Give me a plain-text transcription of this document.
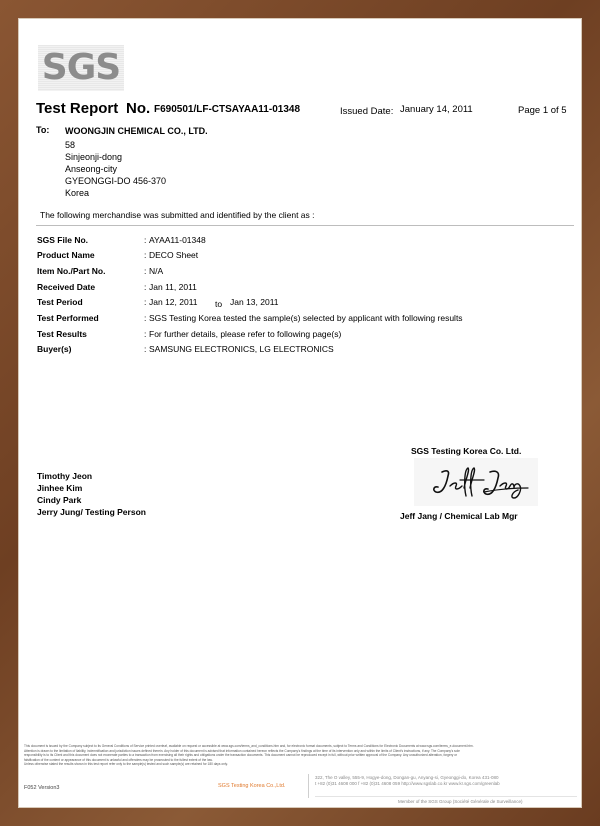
SGS
Test Report No. F690501/LF-CTSAYAA11-01348	Issued Date: January 14, 2011	Page 1 of 5
To: WOONGJIN CHEMICAL CO., LTD.
58
Sinjeonji-dong
Anseong-city
GYEONGGI-DO 456-370
Korea
The following merchandise was submitted and identified by the client as :
SGS File No.	: AYAA11-01348
Product Name	: DECO Sheet
Item No./Part No.	: N/A
Received Date	: Jan 11, 2011
Test Period	: Jan 12, 2011 to Jan 13, 2011
Test Performed	: SGS Testing Korea tested the sample(s) selected by applicant with following results
Test Results	: For further details, please refer to following page(s)
Buyer(s)	: SAMSUNG ELECTRONICS, LG ELECTRONICS
SGS Testing Korea Co. Ltd.
Jeff Jang / Chemical Lab Mgr
Timothy Jeon
Jinhee Kim
Cindy Park
Jerry Jung/ Testing Person
This document is issued by the Company subject to its General Conditions of Service printed overleaf, available on request or accessible at www.sgs.com/terms_and_conditions.htm and, for electronic format documents, subject to Terms and Conditions for Electronic Documents at www.sgs.com/terms_e-document.htm.
Attention is drawn to the limitation of liability, indemnification and jurisdiction issues defined therein. Any holder of this document is advised that information contained hereon reflects the Company's findings at the time of its intervention only and within the limits of Client's instructions, if any. The Company's sole
responsibility is to its Client and this document does not exonerate parties to a transaction from exercising all their rights and obligations under the transaction documents. This document cannot be reproduced except in full, without prior written approval of the Company. Any unauthorized alteration, forgery or
falsification of the content or appearance of this document is unlawful and offenders may be prosecuted to the fullest extent of the law.
Unless otherwise stated the results shown in this test report refer only to the sample(s) tested and such sample(s) are retained for 180 days only.
F052 Version3	SGS Testing Korea Co.,Ltd.
322, The O valley, 555-9, Hogye-dong, Dongan-gu, Anyang-si, Gyeonggi-do, Korea 431-080
t +82 (0)31 4608 000 f +82 (0)31 4608 059 http://www.sgslab.co.kr www.kr.sgs.com/greenlab
Member of the SGS Group (Société Générale de Surveillance)
